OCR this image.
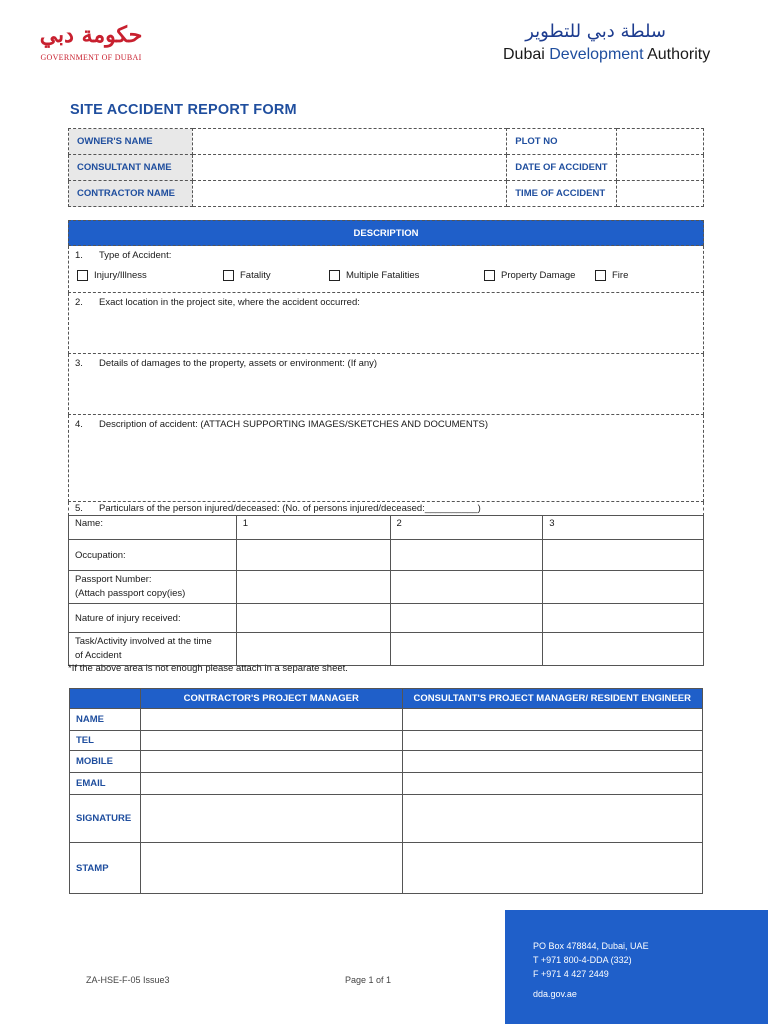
حكومة دبي
GOVERNMENT OF DUBAI
سلطة دبي للتطوير
Dubai Development Authority
SITE ACCIDENT REPORT FORM
OWNER'S NAME		PLOT NO	
CONSULTANT NAME		DATE OF ACCIDENT	
CONTRACTOR NAME		TIME OF ACCIDENT	
DESCRIPTION
1. Type of Accident:
Injury/Illness	Fatality	Multiple Fatalities	Property Damage	Fire
2. Exact location in the project site, where the accident occurred:
3. Details of damages to the property, assets or environment: (If any)
4. Description of accident: (ATTACH SUPPORTING IMAGES/SKETCHES AND DOCUMENTS)
5. Particulars of the person injured/deceased: (No. of persons injured/deceased:__________)
Name:	1	2	3
Occupation:			
Passport Number:
(Attach passport copy(ies)			
Nature of injury received:			
Task/Activity involved at the time
of Accident			
*If the above area is not enough please attach in a separate sheet.
	CONTRACTOR'S PROJECT MANAGER	CONSULTANT'S PROJECT MANAGER/ RESIDENT ENGINEER
NAME		
TEL		
MOBILE		
EMAIL		
SIGNATURE		
STAMP		
ZA-HSE-F-05 Issue3	Page 1 of 1
PO Box 478844, Dubai, UAE
T +971 800-4-DDA (332)
F +971 4 427 2449
dda.gov.ae
